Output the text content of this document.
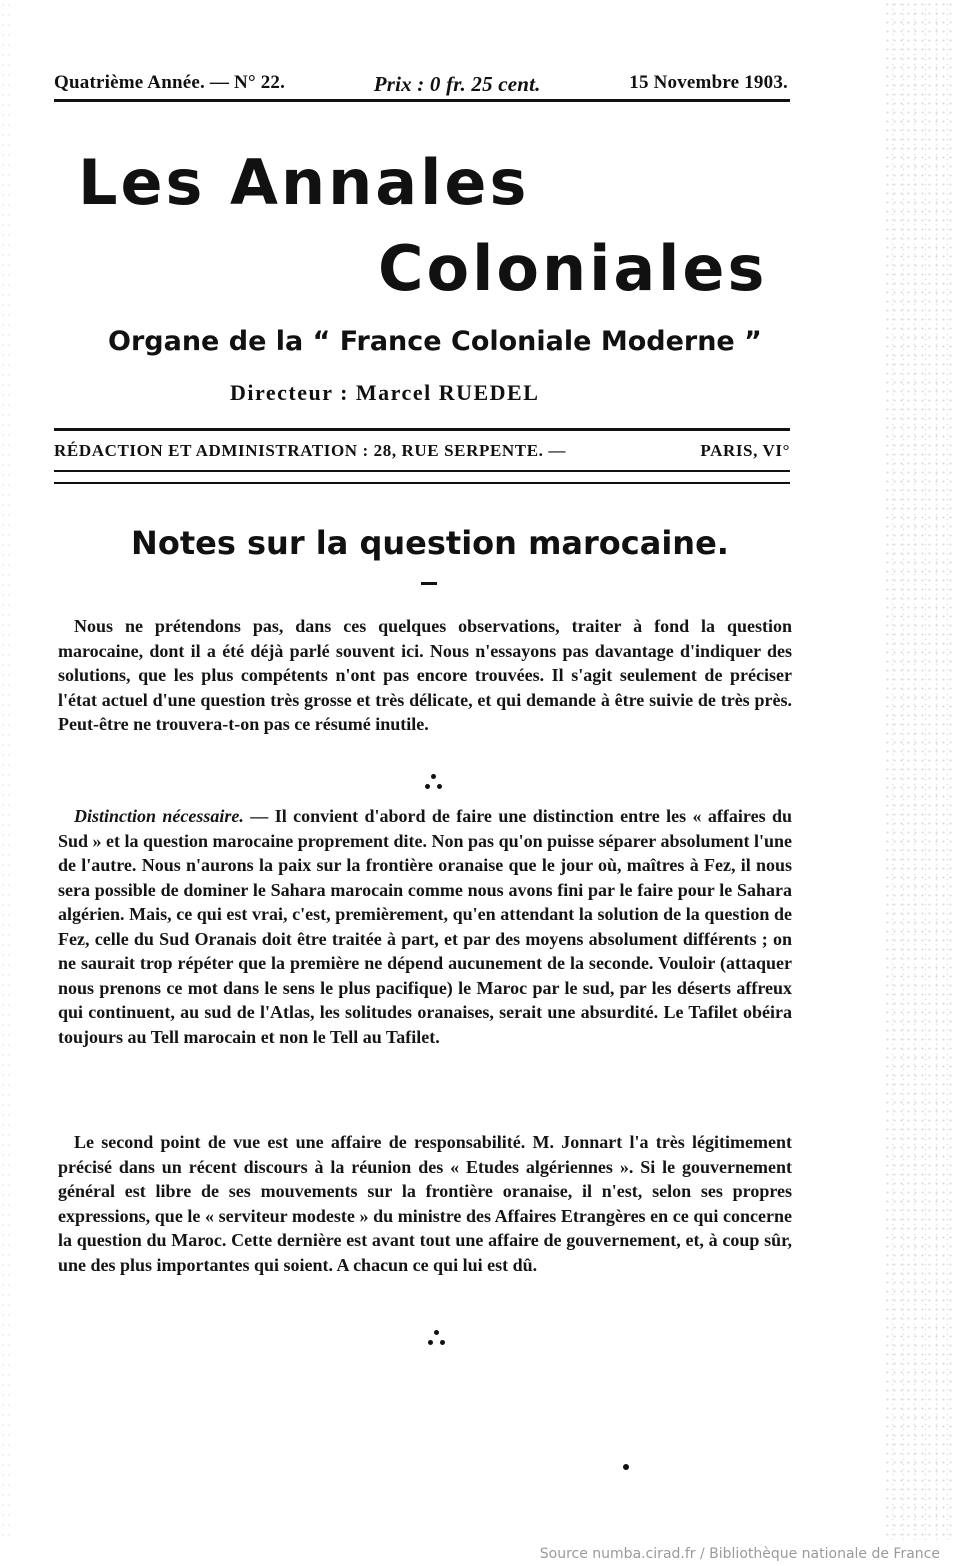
Quatrième Année. — N° 22.	Prix : 0 fr. 25 cent.	15 Novembre 1903.
Les Annales
Coloniales
Organe de la “ France Coloniale Moderne ”
Directeur : Marcel RUEDEL
RÉDACTION ET ADMINISTRATION : 28, RUE SERPENTE. —	PARIS, VI°
Notes sur la question marocaine.
Nous ne prétendons pas, dans ces quelques observations, traiter à fond la question marocaine, dont il a été déjà parlé souvent ici. Nous n'essayons pas davantage d'indiquer des solutions, que les plus compétents n'ont pas encore trouvées. Il s'agit seulement de préciser l'état actuel d'une question très grosse et très délicate, et qui demande à être suivie de très près. Peut-être ne trouvera-t-on pas ce résumé inutile.
Distinction nécessaire. — Il convient d'abord de faire une distinction entre les « affaires du Sud » et la question marocaine proprement dite. Non pas qu'on puisse séparer absolument l'une de l'autre. Nous n'aurons la paix sur la frontière oranaise que le jour où, maîtres à Fez, il nous sera possible de dominer le Sahara marocain comme nous avons fini par le faire pour le Sahara algérien. Mais, ce qui est vrai, c'est, premièrement, qu'en attendant la solution de la question de Fez, celle du Sud Oranais doit être traitée à part, et par des moyens absolument différents ; on ne saurait trop répéter que la première ne dépend aucunement de la seconde. Vouloir (attaquer nous prenons ce mot dans le sens le plus pacifique) le Maroc par le sud, par les déserts affreux qui continuent, au sud de l'Atlas, les solitudes oranaises, serait une absurdité. Le Tafilet obéira toujours au Tell marocain et non le Tell au Tafilet.
Le second point de vue est une affaire de responsabilité. M. Jonnart l'a très légitimement précisé dans un récent discours à la réunion des « Etudes algériennes ». Si le gouvernement général est libre de ses mouvements sur la frontière oranaise, il n'est, selon ses propres expressions, que le « serviteur modeste » du ministre des Affaires Etrangères en ce qui concerne la question du Maroc. Cette dernière est avant tout une affaire de gouvernement, et, à coup sûr, une des plus importantes qui soient. A chacun ce qui lui est dû.
Source numba.cirad.fr / Bibliothèque nationale de France
